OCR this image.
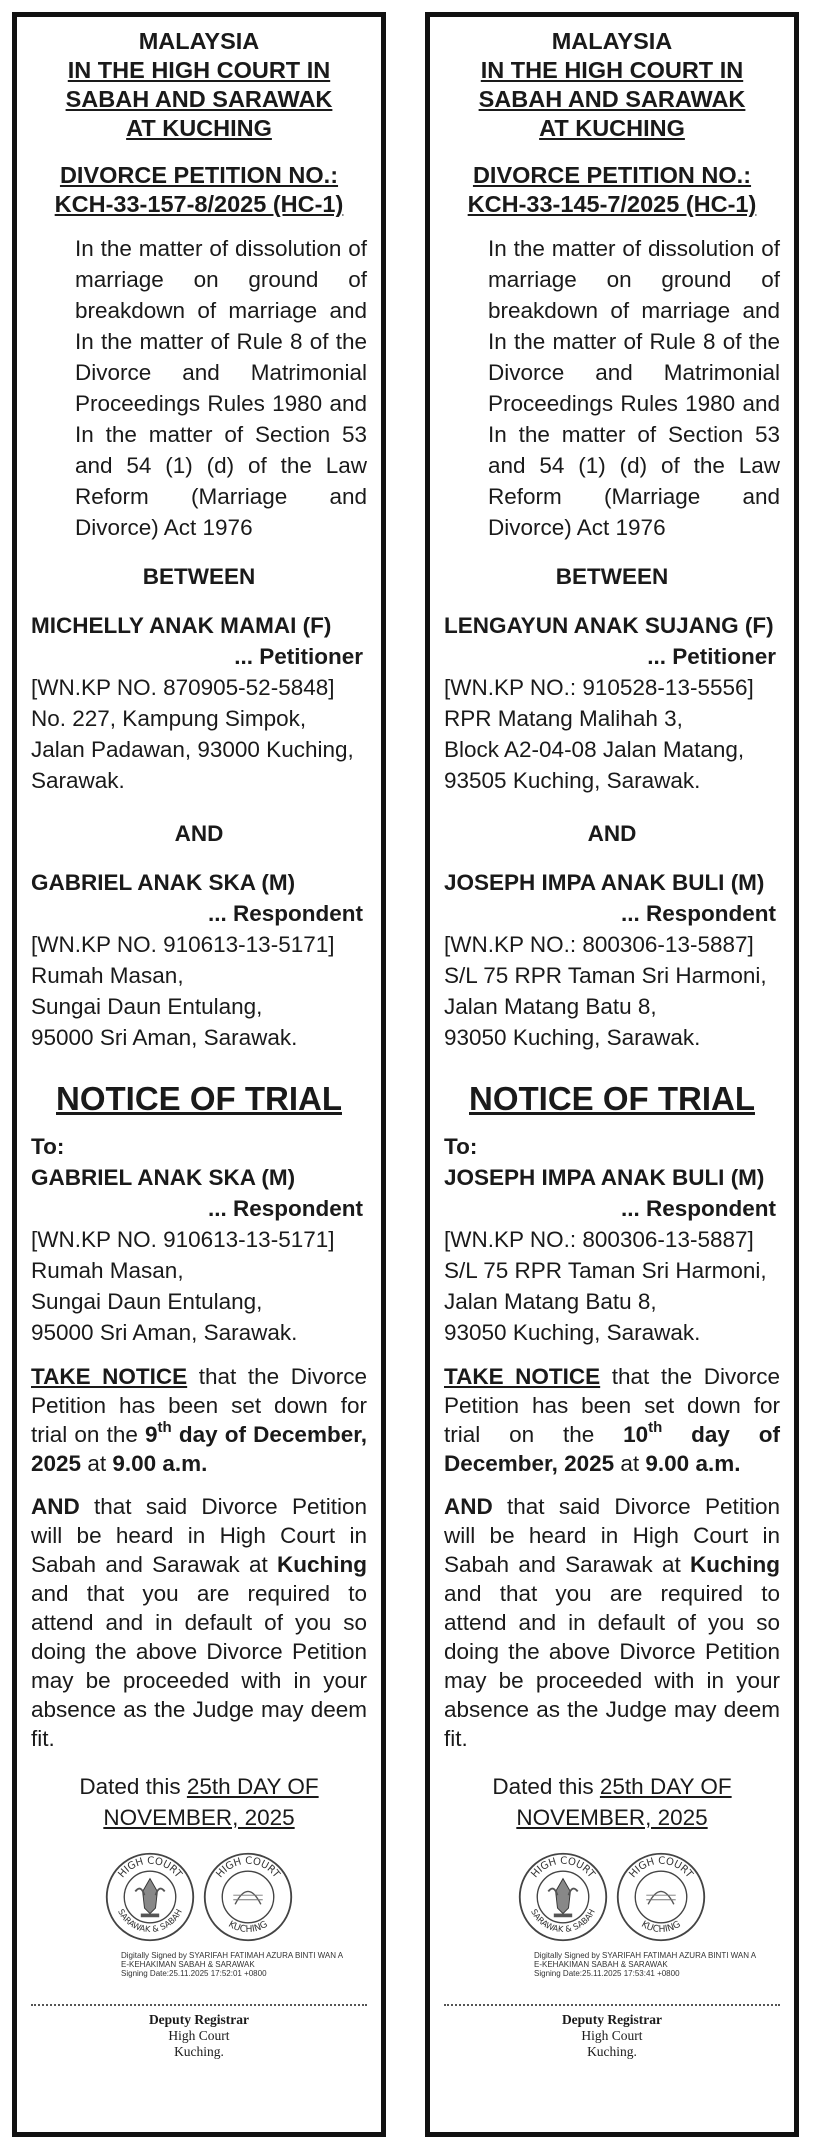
MALAYSIA
IN THE HIGH COURT IN
SABAH AND SARAWAK
AT KUCHING
DIVORCE PETITION NO.:
KCH-33-157-8/2025 (HC-1)
In the matter of dissolution of marriage on ground of breakdown of marriage and In the matter of Rule 8 of the Divorce and Matrimonial Proceedings Rules 1980 and In the matter of Section 53 and 54 (1) (d) of the Law Reform (Marriage and Divorce) Act 1976
BETWEEN
MICHELLY ANAK MAMAI (F)
... Petitioner
[WN.KP NO. 870905-52-5848]
No. 227, Kampung Simpok,
Jalan Padawan, 93000 Kuching,
Sarawak.
AND
GABRIEL ANAK SKA (M)
... Respondent
[WN.KP NO. 910613-13-5171]
Rumah Masan,
Sungai Daun Entulang,
95000 Sri Aman, Sarawak.
NOTICE OF TRIAL
To:
GABRIEL ANAK SKA (M)
... Respondent
[WN.KP NO. 910613-13-5171]
Rumah Masan,
Sungai Daun Entulang,
95000 Sri Aman, Sarawak.
TAKE NOTICE that the Divorce Petition has been set down for trial on the 9th day of December, 2025 at 9.00 a.m.
AND that said Divorce Petition will be heard in High Court in Sabah and Sarawak at Kuching and that you are required to attend and in default of you so doing the above Divorce Petition may be proceeded with in your absence as the Judge may deem fit.
Dated this 25th DAY OF
NOVEMBER, 2025
HIGH COURT
SARAWAK & SABAH
HIGH COURT
KUCHING
Digitally Signed by SYARIFAH FATIMAH AZURA BINTI WAN A
E-KEHAKIMAN SABAH & SARAWAK
Signing Date:25.11.2025 17:52:01 +0800
Deputy Registrar
High Court
Kuching.
MALAYSIA
IN THE HIGH COURT IN
SABAH AND SARAWAK
AT KUCHING
DIVORCE PETITION NO.:
KCH-33-145-7/2025 (HC-1)
In the matter of dissolution of marriage on ground of breakdown of marriage and In the matter of Rule 8 of the Divorce and Matrimonial Proceedings Rules 1980 and In the matter of Section 53 and 54 (1) (d) of the Law Reform (Marriage and Divorce) Act 1976
BETWEEN
LENGAYUN ANAK SUJANG (F)
... Petitioner
[WN.KP NO.: 910528-13-5556]
RPR Matang Malihah 3,
Block A2-04-08 Jalan Matang,
93505 Kuching, Sarawak.
AND
JOSEPH IMPA ANAK BULI (M)
... Respondent
[WN.KP NO.: 800306-13-5887]
S/L 75 RPR Taman Sri Harmoni,
Jalan Matang Batu 8,
93050 Kuching, Sarawak.
NOTICE OF TRIAL
To:
JOSEPH IMPA ANAK BULI (M)
... Respondent
[WN.KP NO.: 800306-13-5887]
S/L 75 RPR Taman Sri Harmoni,
Jalan Matang Batu 8,
93050 Kuching, Sarawak.
TAKE NOTICE that the Divorce Petition has been set down for trial on the 10th day of December, 2025 at 9.00 a.m.
AND that said Divorce Petition will be heard in High Court in Sabah and Sarawak at Kuching and that you are required to attend and in default of you so doing the above Divorce Petition may be proceeded with in your absence as the Judge may deem fit.
Dated this 25th DAY OF
NOVEMBER, 2025
HIGH COURT
SARAWAK & SABAH
HIGH COURT
KUCHING
Digitally Signed by SYARIFAH FATIMAH AZURA BINTI WAN A
E-KEHAKIMAN SABAH & SARAWAK
Signing Date:25.11.2025 17:53:41 +0800
Deputy Registrar
High Court
Kuching.
